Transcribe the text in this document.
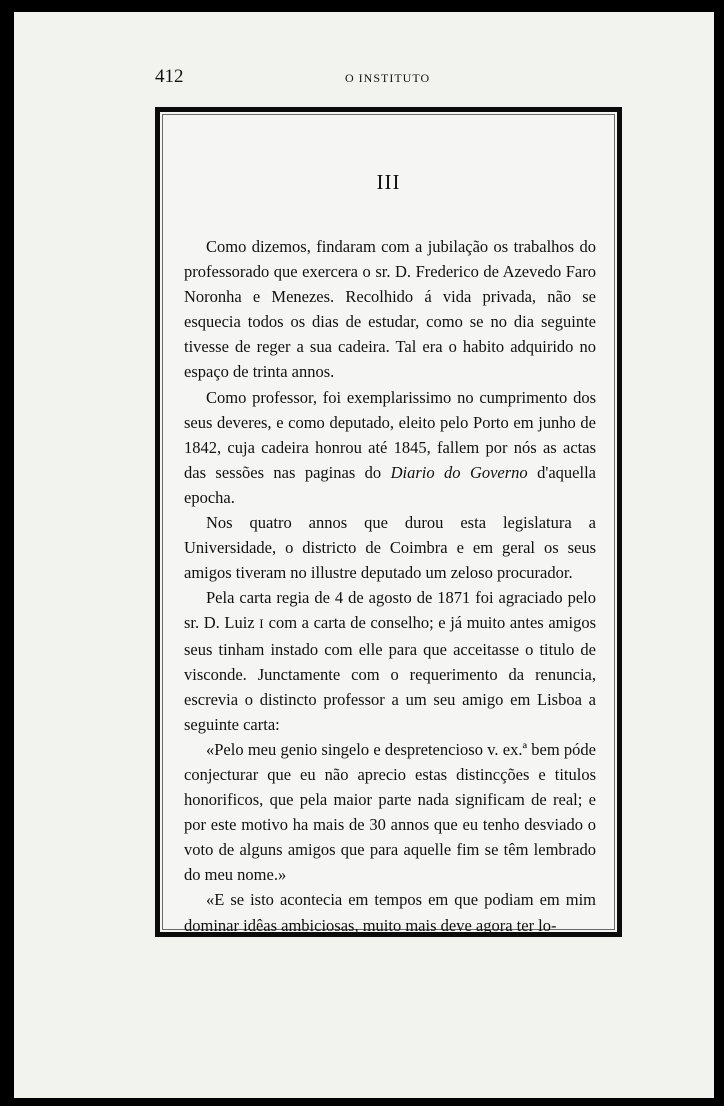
412	O INSTITUTO
III

Como dizemos, findaram com a jubilação os trabalhos do professorado que exercera o sr. D. Frederico de Azevedo Faro Noronha e Menezes. Recolhido á vida privada, não se esquecia todos os dias de estudar, como se no dia seguinte tivesse de reger a sua cadeira. Tal era o habito adquirido no espaço de trinta annos.

Como professor, foi exemplarissimo no cumprimento dos seus deveres, e como deputado, eleito pelo Porto em junho de 1842, cuja cadeira honrou até 1845, fallem por nós as actas das sessões nas paginas do Diario do Governo d'aquella epocha.

Nos quatro annos que durou esta legislatura a Universidade, o districto de Coimbra e em geral os seus amigos tiveram no illustre deputado um zeloso procurador.

Pela carta regia de 4 de agosto de 1871 foi agraciado pelo sr. D. Luiz I com a carta de conselho; e já muito antes amigos seus tinham instado com elle para que acceitasse o titulo de visconde. Junctamente com o requerimento da renuncia, escrevia o distincto professor a um seu amigo em Lisboa a seguinte carta:

«Pelo meu genio singelo e despretencioso v. ex.ª bem póde conjecturar que eu não aprecio estas distincções e titulos honorificos, que pela maior parte nada significam de real; e por este motivo ha mais de 30 annos que eu tenho desviado o voto de alguns amigos que para aquelle fim se têm lembrado do meu nome.»

«E se isto acontecia em tempos em que podiam em mim dominar idêas ambiciosas, muito mais deve agora ter lo-
